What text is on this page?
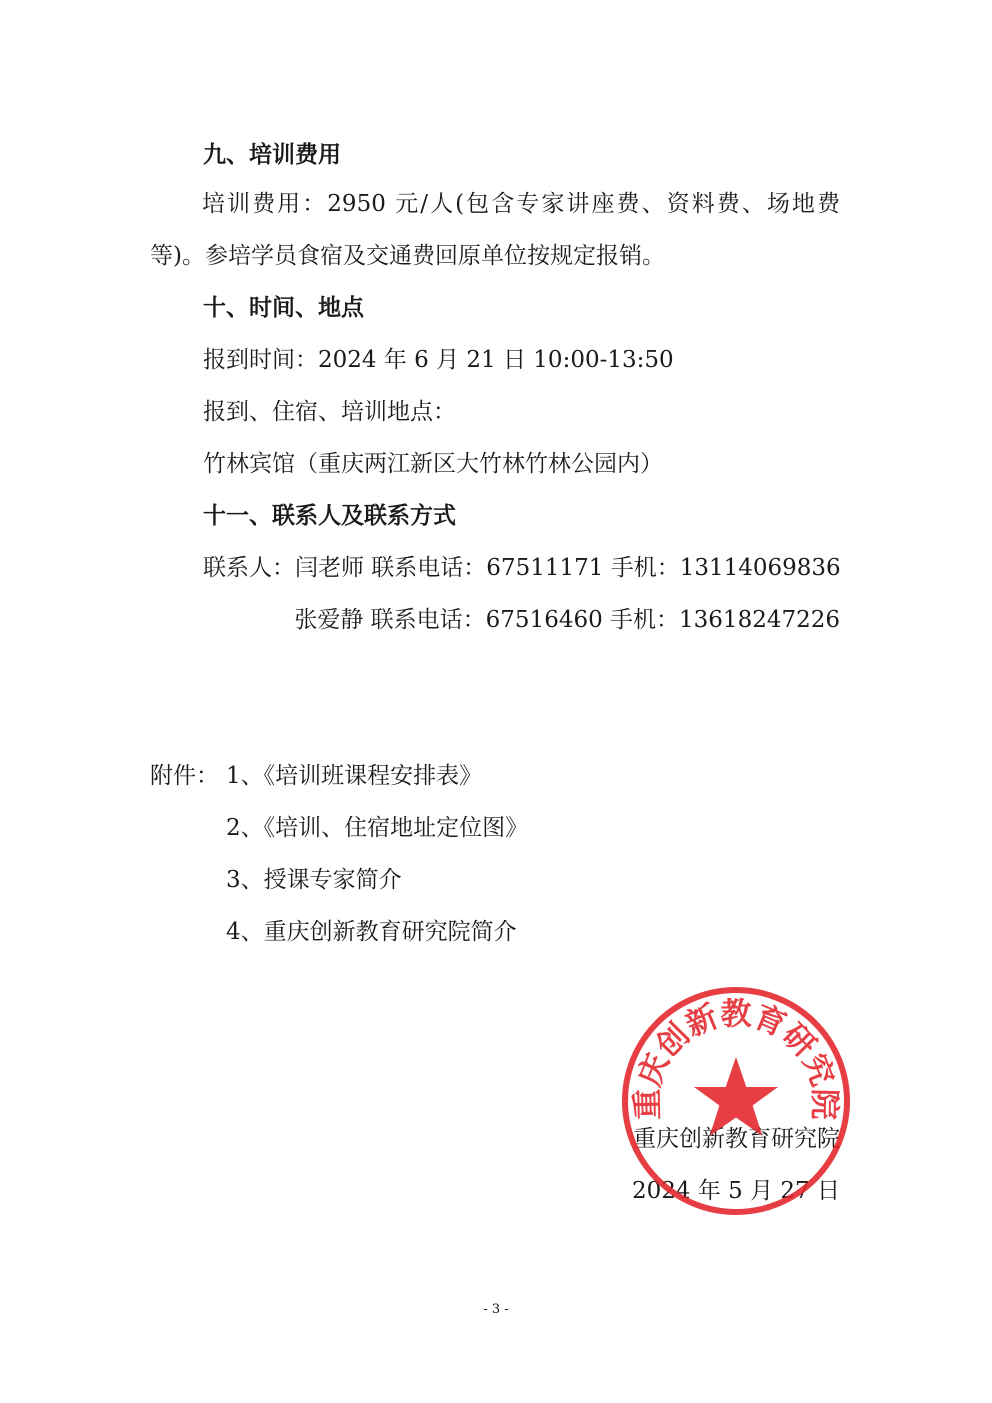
九、培训费用
培训费用：2950 元/人(包含专家讲座费、资料费、场地费等)。参培学员食宿及交通费回原单位按规定报销。
十、时间、地点
报到时间：2024 年 6 月 21 日 10:00-13:50
报到、住宿、培训地点：
竹林宾馆（重庆两江新区大竹林竹林公园内）
十一、联系人及联系方式
联系人：闫老师 联系电话：67511171 手机：13114069836
张爱静 联系电话：67516460 手机：13618247226
附件： 1、《培训班课程安排表》
2、《培训、住宿地址定位图》
3、授课专家简介
4、重庆创新教育研究院简介
重庆创新教育研究院
2024 年 5 月 27 日
重庆创新教育研究院
- 3 -
